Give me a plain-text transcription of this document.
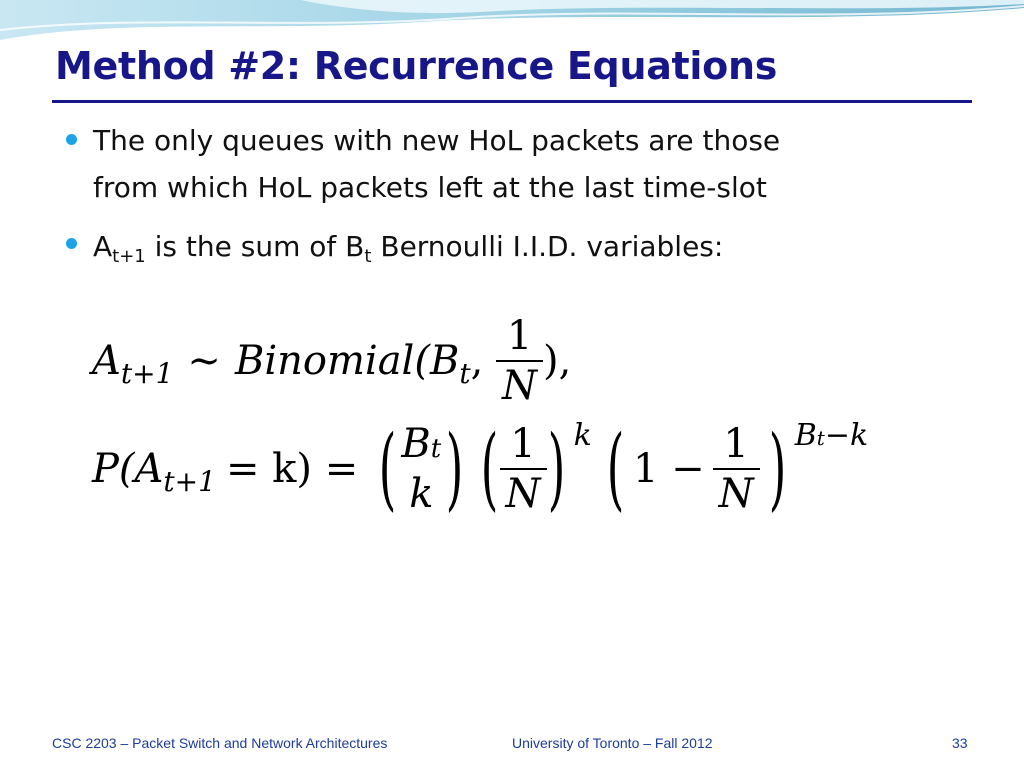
Method #2: Recurrence Equations
The only queues with new HoL packets are those
from which HoL packets left at the last time-slot
$A_{t+1}$ is the sum of $B_t$ Bernoulli I.I.D. variables:
A t+1 ∼ Binomial( B t , $\frac{1}{N}$ ),
P( A t+1 = k) = ( Bt
k ) ( $\frac{1}{N}$ ) k ( $1 - \frac{1}{N}$ ) Bt−k
CSC 2203 – Packet Switch and Network Architectures	University of Toronto – Fall 2012	33
